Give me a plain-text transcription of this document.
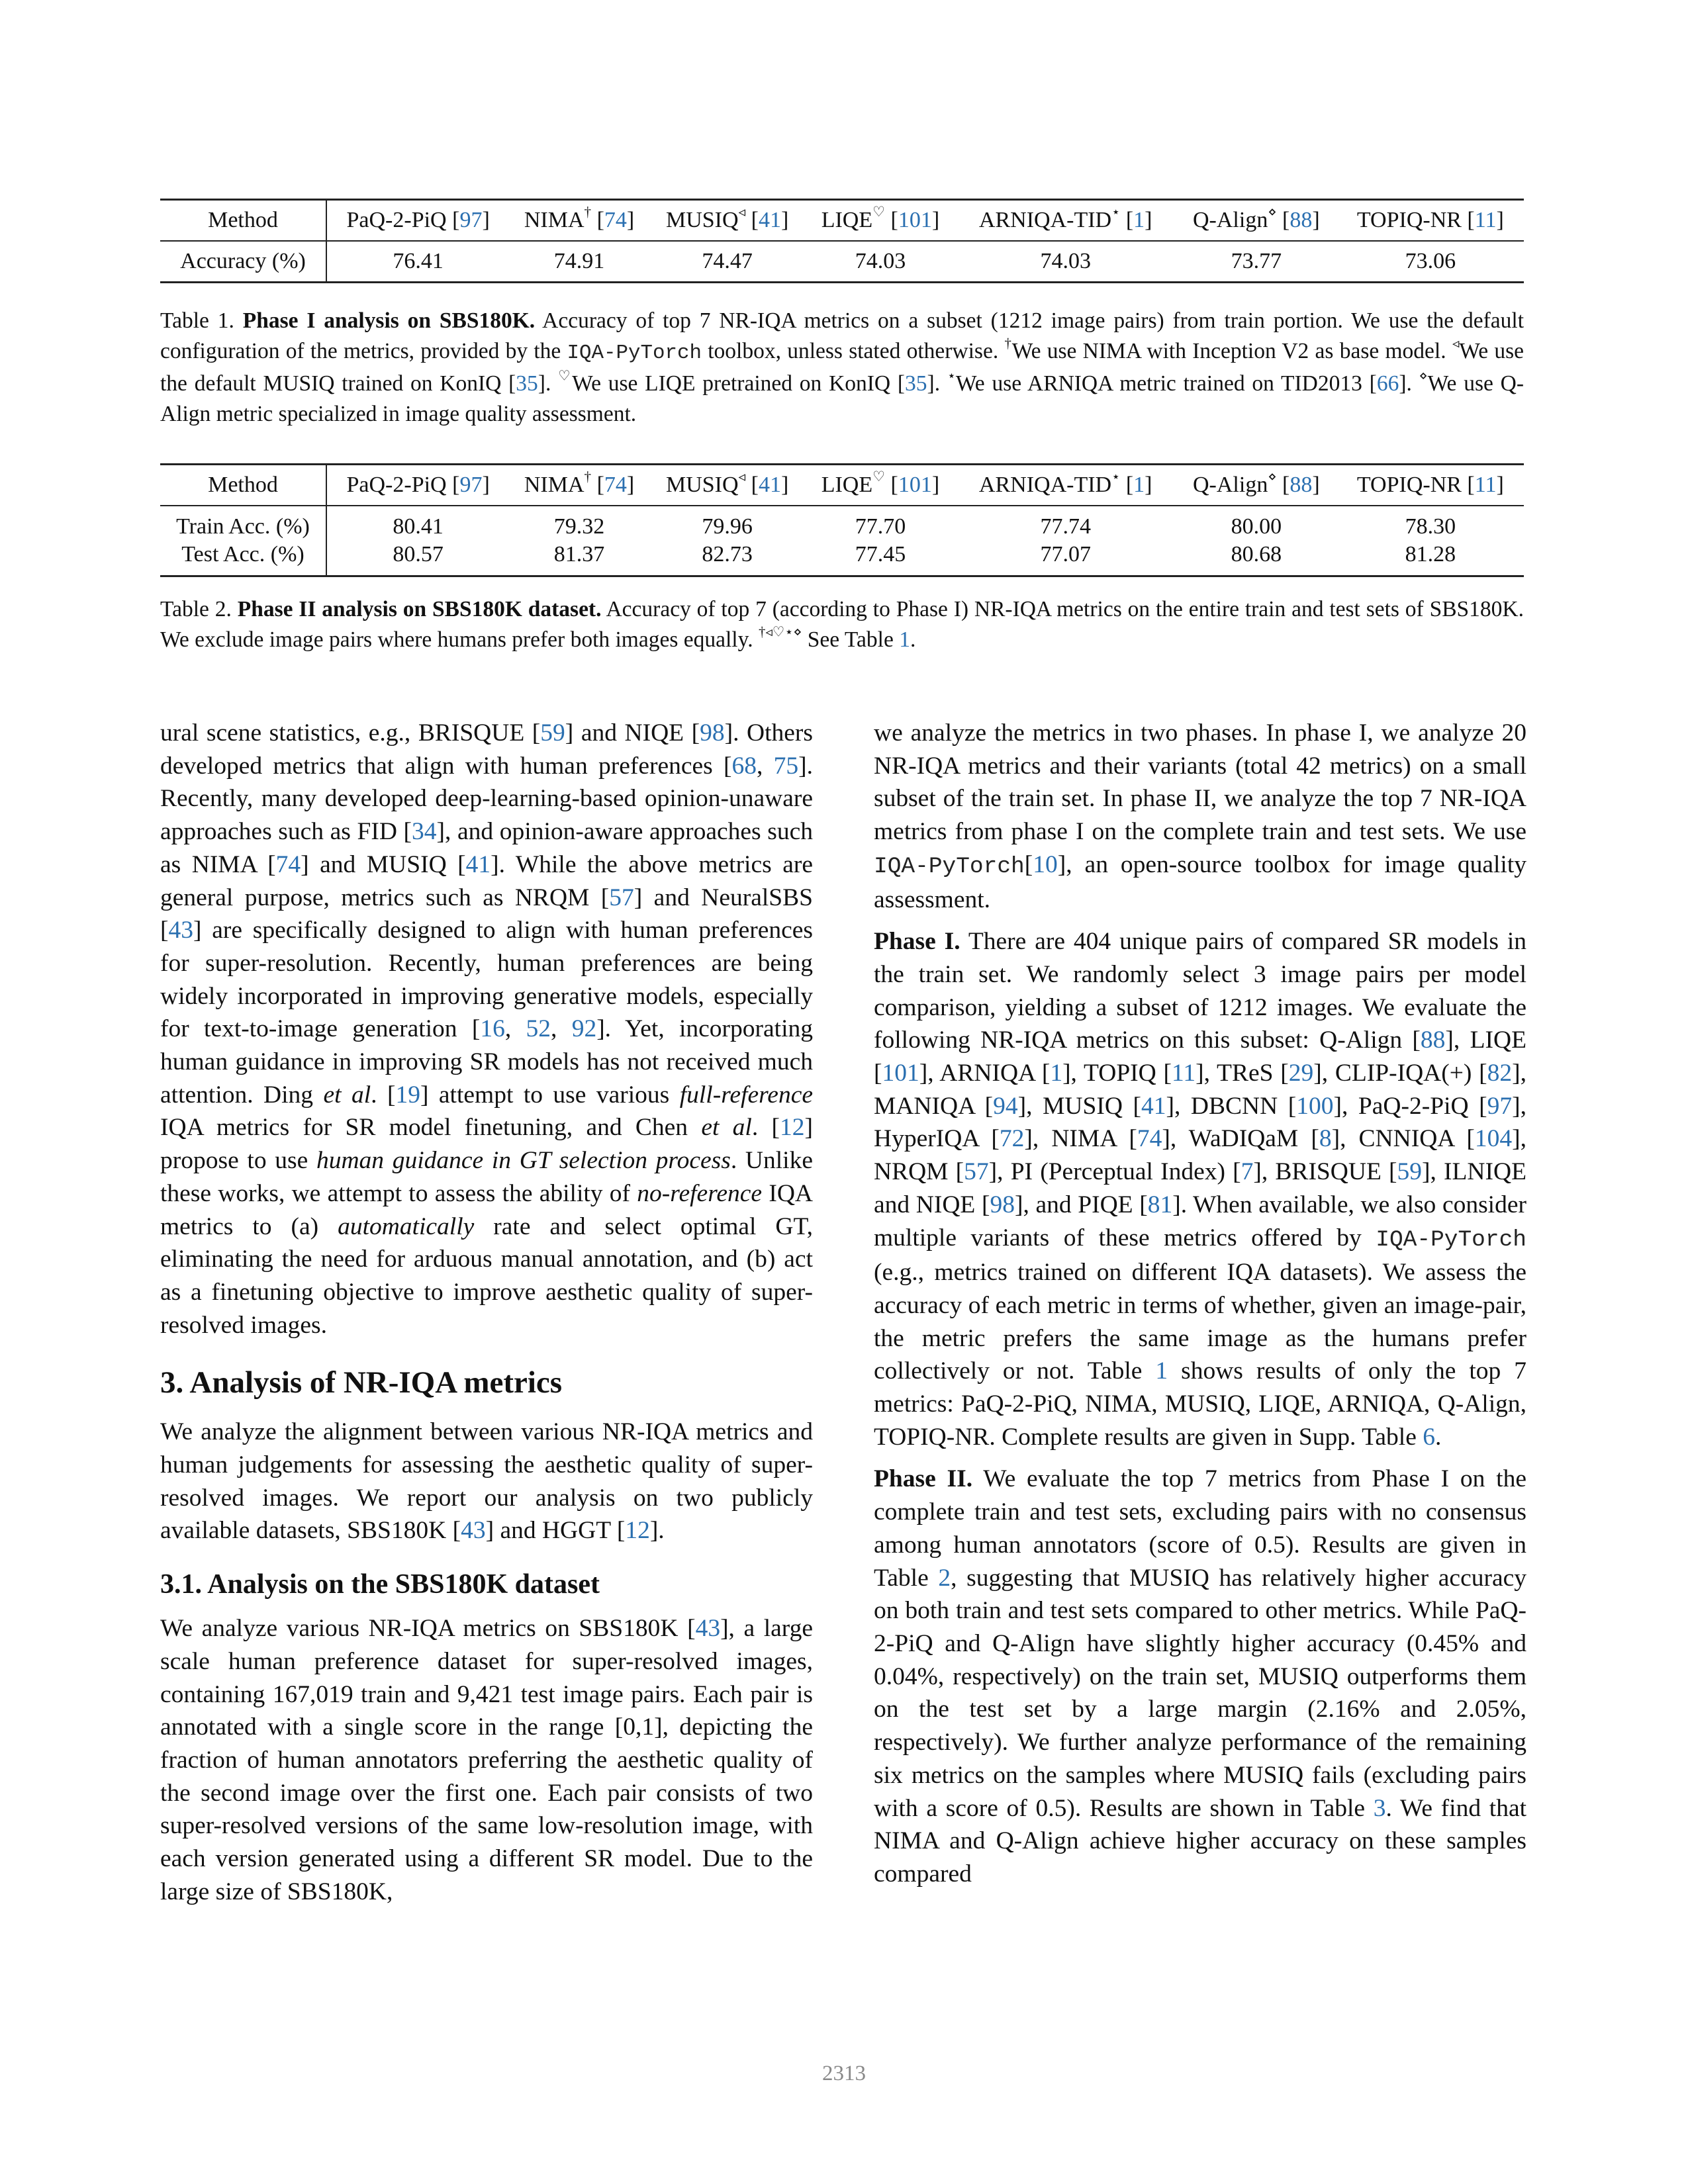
Method	PaQ-2-PiQ [97]	NIMA† [74]	MUSIQ◃ [41]	LIQE♡ [101]	ARNIQA-TID⋆ [1]	Q-Align⋄ [88]	TOPIQ-NR [11]
Accuracy (%)	76.41	74.91	74.47	74.03	74.03	73.77	73.06
Table 1. Phase I analysis on SBS180K. Accuracy of top 7 NR-IQA metrics on a subset (1212 image pairs) from train portion. We use the default configuration of the metrics, provided by the IQA-PyTorch toolbox, unless stated otherwise. †We use NIMA with Inception V2 as base model. ◃We use the default MUSIQ trained on KonIQ [35]. ♡We use LIQE pretrained on KonIQ [35]. ⋆We use ARNIQA metric trained on TID2013 [66]. ⋄We use Q-Align metric specialized in image quality assessment.
Method	PaQ-2-PiQ [97]	NIMA† [74]	MUSIQ◃ [41]	LIQE♡ [101]	ARNIQA-TID⋆ [1]	Q-Align⋄ [88]	TOPIQ-NR [11]
Train Acc. (%)	80.41	79.32	79.96	77.70	77.74	80.00	78.30
Test Acc. (%)	80.57	81.37	82.73	77.45	77.07	80.68	81.28
Table 2. Phase II analysis on SBS180K dataset. Accuracy of top 7 (according to Phase I) NR-IQA metrics on the entire train and test sets of SBS180K. We exclude image pairs where humans prefer both images equally. †◃♡⋆⋄ See Table 1.

ural scene statistics, e.g., BRISQUE [59] and NIQE [98]. Others developed metrics that align with human preferences [68, 75]. Recently, many developed deep-learning-based opinion-unaware approaches such as FID [34], and opinion-aware approaches such as NIMA [74] and MUSIQ [41]. While the above metrics are general purpose, metrics such as NRQM [57] and NeuralSBS [43] are specifically designed to align with human preferences for super-resolution. Recently, human preferences are being widely incorporated in improving generative models, especially for text-to-image generation [16, 52, 92]. Yet, incorporating human guidance in improving SR models has not received much attention. Ding et al. [19] attempt to use various full-reference IQA metrics for SR model finetuning, and Chen et al. [12] propose to use human guidance in GT selection process. Unlike these works, we attempt to assess the ability of no-reference IQA metrics to (a) automatically rate and select optimal GT, eliminating the need for arduous manual annotation, and (b) act as a finetuning objective to improve aesthetic quality of super-resolved images.

3. Analysis of NR-IQA metrics

We analyze the alignment between various NR-IQA metrics and human judgements for assessing the aesthetic quality of super-resolved images. We report our analysis on two publicly available datasets, SBS180K [43] and HGGT [12].

3.1. Analysis on the SBS180K dataset

We analyze various NR-IQA metrics on SBS180K [43], a large scale human preference dataset for super-resolved images, containing 167,019 train and 9,421 test image pairs. Each pair is annotated with a single score in the range [0,1], depicting the fraction of human annotators preferring the aesthetic quality of the second image over the first one. Each pair consists of two super-resolved versions of the same low-resolution image, with each version generated using a different SR model. Due to the large size of SBS180K,

we analyze the metrics in two phases. In phase I, we analyze 20 NR-IQA metrics and their variants (total 42 metrics) on a small subset of the train set. In phase II, we analyze the top 7 NR-IQA metrics from phase I on the complete train and test sets. We use IQA-PyTorch[10], an open-source toolbox for image quality assessment.

Phase I. There are 404 unique pairs of compared SR models in the train set. We randomly select 3 image pairs per model comparison, yielding a subset of 1212 images. We evaluate the following NR-IQA metrics on this subset: Q-Align [88], LIQE [101], ARNIQA [1], TOPIQ [11], TReS [29], CLIP-IQA(+) [82], MANIQA [94], MUSIQ [41], DBCNN [100], PaQ-2-PiQ [97], HyperIQA [72], NIMA [74], WaDIQaM [8], CNNIQA [104], NRQM [57], PI (Perceptual Index) [7], BRISQUE [59], ILNIQE and NIQE [98], and PIQE [81]. When available, we also consider multiple variants of these metrics offered by IQA-PyTorch (e.g., metrics trained on different IQA datasets). We assess the accuracy of each metric in terms of whether, given an image-pair, the metric prefers the same image as the humans prefer collectively or not. Table 1 shows results of only the top 7 metrics: PaQ-2-PiQ, NIMA, MUSIQ, LIQE, ARNIQA, Q-Align, TOPIQ-NR. Complete results are given in Supp. Table 6.

Phase II. We evaluate the top 7 metrics from Phase I on the complete train and test sets, excluding pairs with no consensus among human annotators (score of 0.5). Results are given in Table 2, suggesting that MUSIQ has relatively higher accuracy on both train and test sets compared to other metrics. While PaQ-2-PiQ and Q-Align have slightly higher accuracy (0.45% and 0.04%, respectively) on the train set, MUSIQ outperforms them on the test set by a large margin (2.16% and 2.05%, respectively). We further analyze performance of the remaining six metrics on the samples where MUSIQ fails (excluding pairs with a score of 0.5). Results are shown in Table 3. We find that NIMA and Q-Align achieve higher accuracy on these samples compared

2313
